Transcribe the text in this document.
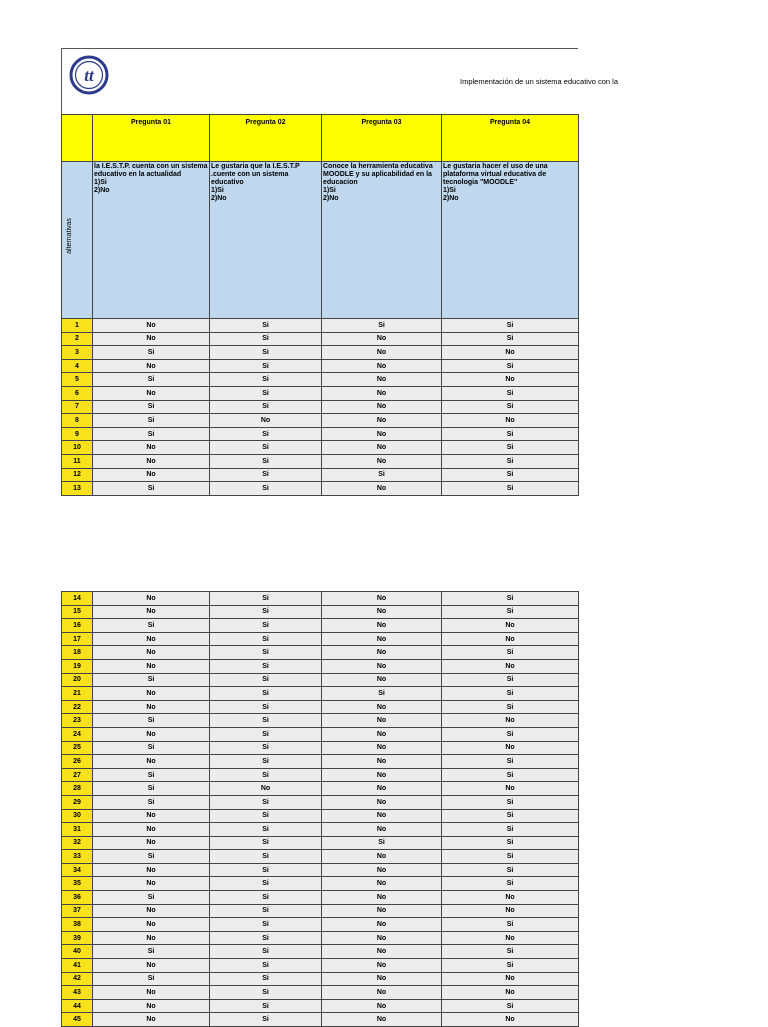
tt	Implementación de un sistema educativo con la
	Pregunta 01	Pregunta 02	Pregunta 03	Pregunta 04

alternativas	la I.E.S.T.P. cuenta con un sistema educativo en la actualidad
1)Si
2)No	Le gustaria que la I.E.S.T.P .cuente con un sistema educativo
1)Si
2)No	Conoce la herramienta educativa MOODLE y su aplicabilidad en la educacion
1)Si
2)No	Le gustaria hacer el uso de una plataforma virtual educativa de tecnologia "MOODLE"
1)Si
2)No

1	No	Si	Si	Si
2	No	Si	No	Si
3	Si	Si	No	No
4	No	Si	No	Si
5	Si	Si	No	No
6	No	Si	No	Si
7	Si	Si	No	Si
8	Si	No	No	No
9	Si	Si	No	Si
10	No	Si	No	Si
11	No	Si	No	Si
12	No	Si	Si	Si
13	Si	Si	No	Si
14	No	Si	No	Si
15	No	Si	No	Si
16	Si	Si	No	No
17	No	Si	No	No
18	No	Si	No	Si
19	No	Si	No	No
20	Si	Si	No	Si
21	No	Si	Si	Si
22	No	Si	No	Si
23	Si	Si	No	No
24	No	Si	No	Si
25	Si	Si	No	No
26	No	Si	No	Si
27	Si	Si	No	Si
28	Si	No	No	No
29	Si	Si	No	Si
30	No	Si	No	Si
31	No	Si	No	Si
32	No	Si	Si	Si
33	Si	Si	No	Si
34	No	Si	No	Si
35	No	Si	No	Si
36	Si	Si	No	No
37	No	Si	No	No
38	No	Si	No	Si
39	No	Si	No	No
40	Si	Si	No	Si
41	No	Si	No	Si
42	Si	Si	No	No
43	No	Si	No	No
44	No	Si	No	Si
45	No	Si	No	No
